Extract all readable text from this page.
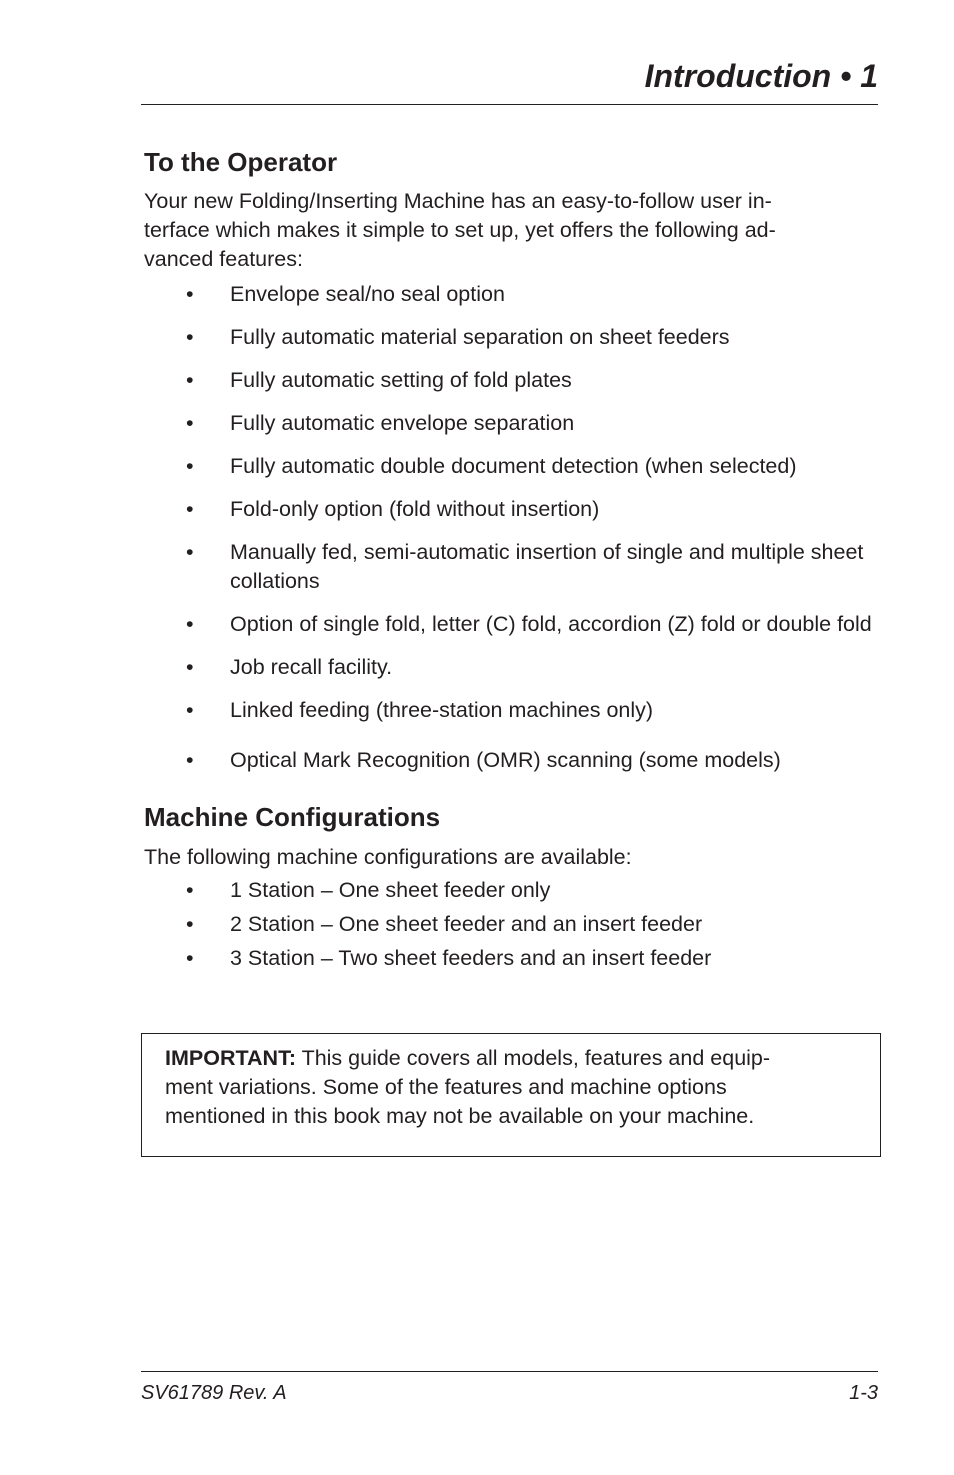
Introduction • 1
To the Operator

Your new Folding/Inserting Machine has an easy-to-follow user in-
terface which makes it simple to set up, yet offers the following ad-
vanced features:

• Envelope seal/no seal option
• Fully automatic material separation on sheet feeders
• Fully automatic setting of fold plates
• Fully automatic envelope separation
• Fully automatic double document detection (when selected)
• Fold-only option (fold without insertion)
• Manually fed, semi-automatic insertion of single and multiple sheet collations
• Option of single fold, letter (C) fold, accordion (Z) fold or double fold
• Job recall facility.
• Linked feeding (three-station machines only)
• Optical Mark Recognition (OMR) scanning (some models)
Machine Configurations

The following machine configurations are available:

• 1 Station – One sheet feeder only
• 2 Station – One sheet feeder and an insert feeder
• 3 Station – Two sheet feeders and an insert feeder

IMPORTANT: This guide covers all models, features and equip-
ment variations. Some of the features and machine options
mentioned in this book may not be available on your machine.

SV61789 Rev. A	1-3
